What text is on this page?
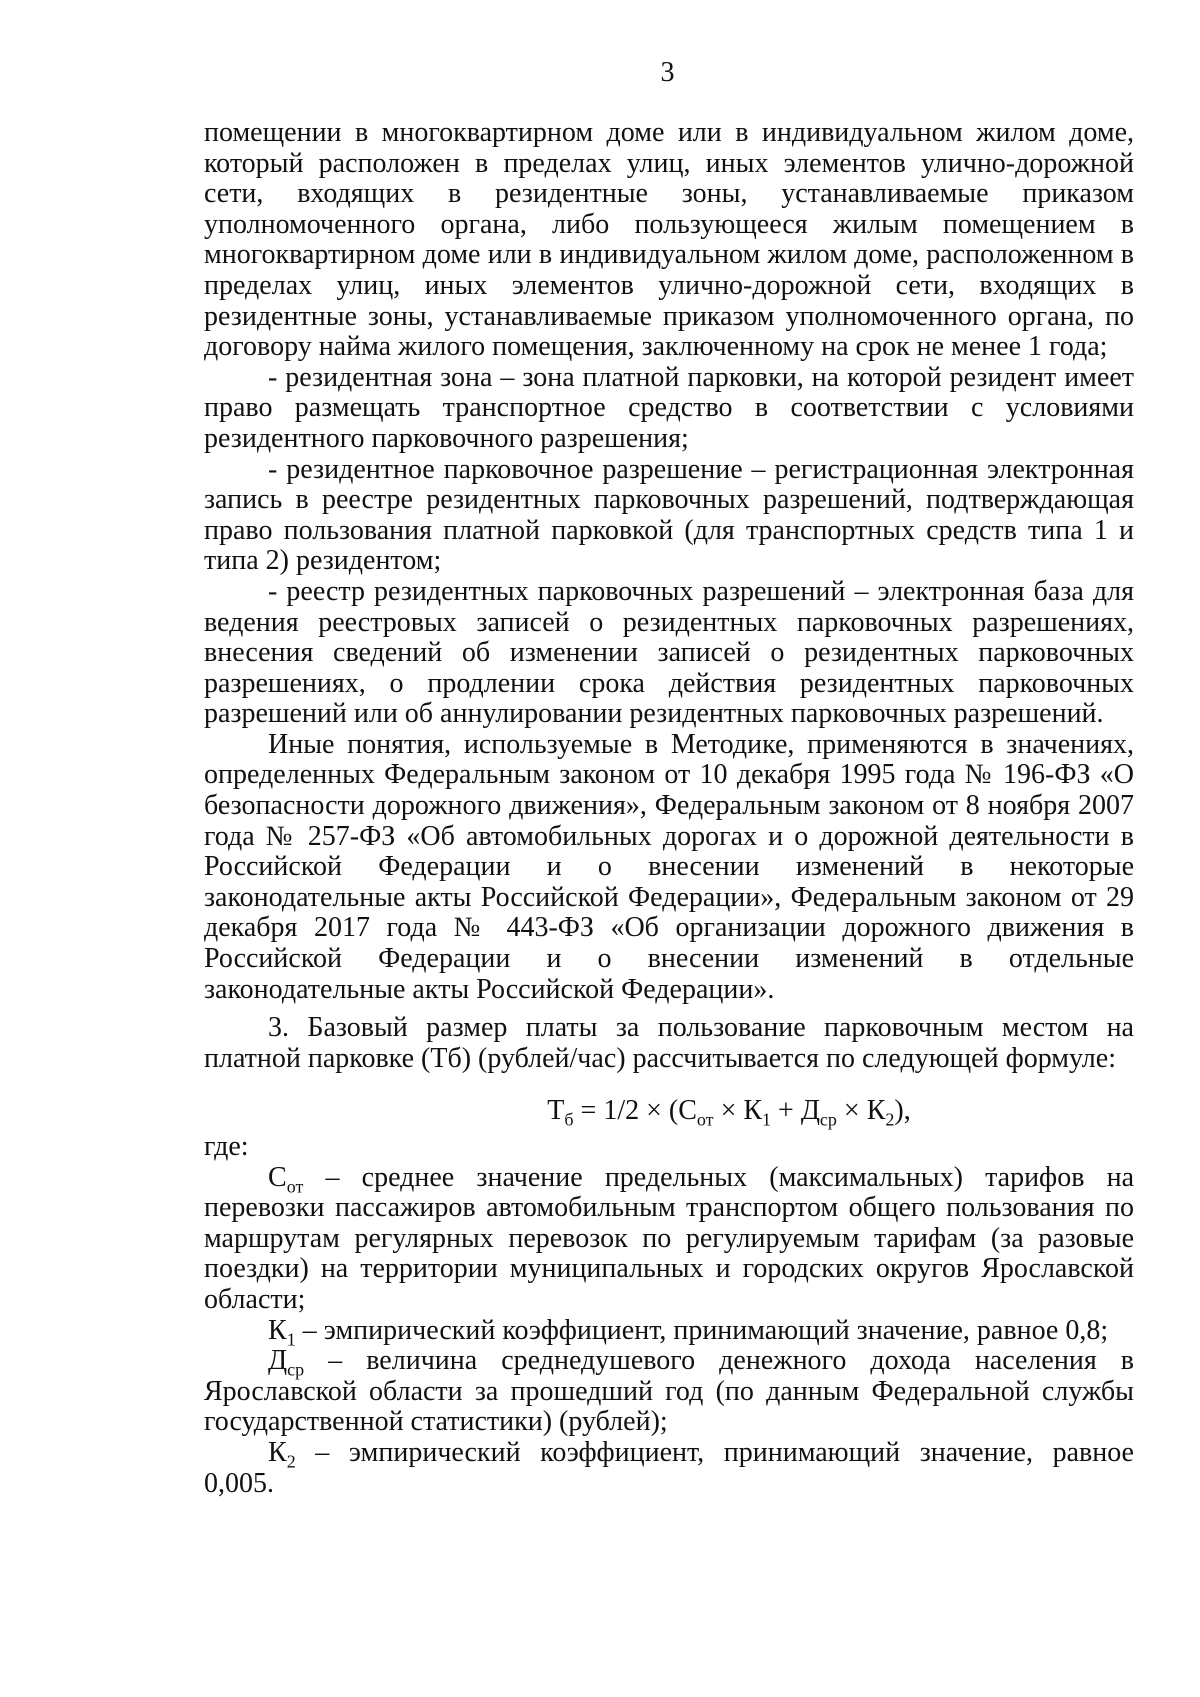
3

помещении в многоквартирном доме или в индивидуальном жилом доме, который расположен в пределах улиц, иных элементов улично-дорожной сети, входящих в резидентные зоны, устанавливаемые приказом уполномоченного органа, либо пользующееся жилым помещением в многоквартирном доме или в индивидуальном жилом доме, расположенном в пределах улиц, иных элементов улично-дорожной сети, входящих в резидентные зоны, устанавливаемые приказом уполномоченного органа, по договору найма жилого помещения, заключенному на срок не менее 1 года;

- резидентная зона – зона платной парковки, на которой резидент имеет право размещать транспортное средство в соответствии с условиями резидентного парковочного разрешения;

- резидентное парковочное разрешение – регистрационная электронная запись в реестре резидентных парковочных разрешений, подтверждающая право пользования платной парковкой (для транспортных средств типа 1 и типа 2) резидентом;

- реестр резидентных парковочных разрешений – электронная база для ведения реестровых записей о резидентных парковочных разрешениях, внесения сведений об изменении записей о резидентных парковочных разрешениях, о продлении срока действия резидентных парковочных разрешений или об аннулировании резидентных парковочных разрешений.

Иные понятия, используемые в Методике, применяются в значениях, определенных Федеральным законом от 10 декабря 1995 года № 196-ФЗ «О безопасности дорожного движения», Федеральным законом от 8 ноября 2007 года № 257-ФЗ «Об автомобильных дорогах и о дорожной деятельности в Российской Федерации и о внесении изменений в некоторые законодательные акты Российской Федерации», Федеральным законом от 29 декабря 2017 года № 443-ФЗ «Об организации дорожного движения в Российской Федерации и о внесении изменений в отдельные законодательные акты Российской Федерации».

3. Базовый размер платы за пользование парковочным местом на платной парковке (Тб) (рублей/час) рассчитывается по следующей формуле:

$Т_б = 1/2 \times (С_{от} \times К_1 + Д_{ср} \times К_2)$,

где:

$С_{от}$ – среднее значение предельных (максимальных) тарифов на перевозки пассажиров автомобильным транспортом общего пользования по маршрутам регулярных перевозок по регулируемым тарифам (за разовые поездки) на территории муниципальных и городских округов Ярославской области;

$К_1$ – эмпирический коэффициент, принимающий значение, равное 0,8;

$Д_{ср}$ – величина среднедушевого денежного дохода населения в Ярославской области за прошедший год (по данным Федеральной службы государственной статистики) (рублей);

$К_2$ – эмпирический коэффициент, принимающий значение, равное 0,005.
